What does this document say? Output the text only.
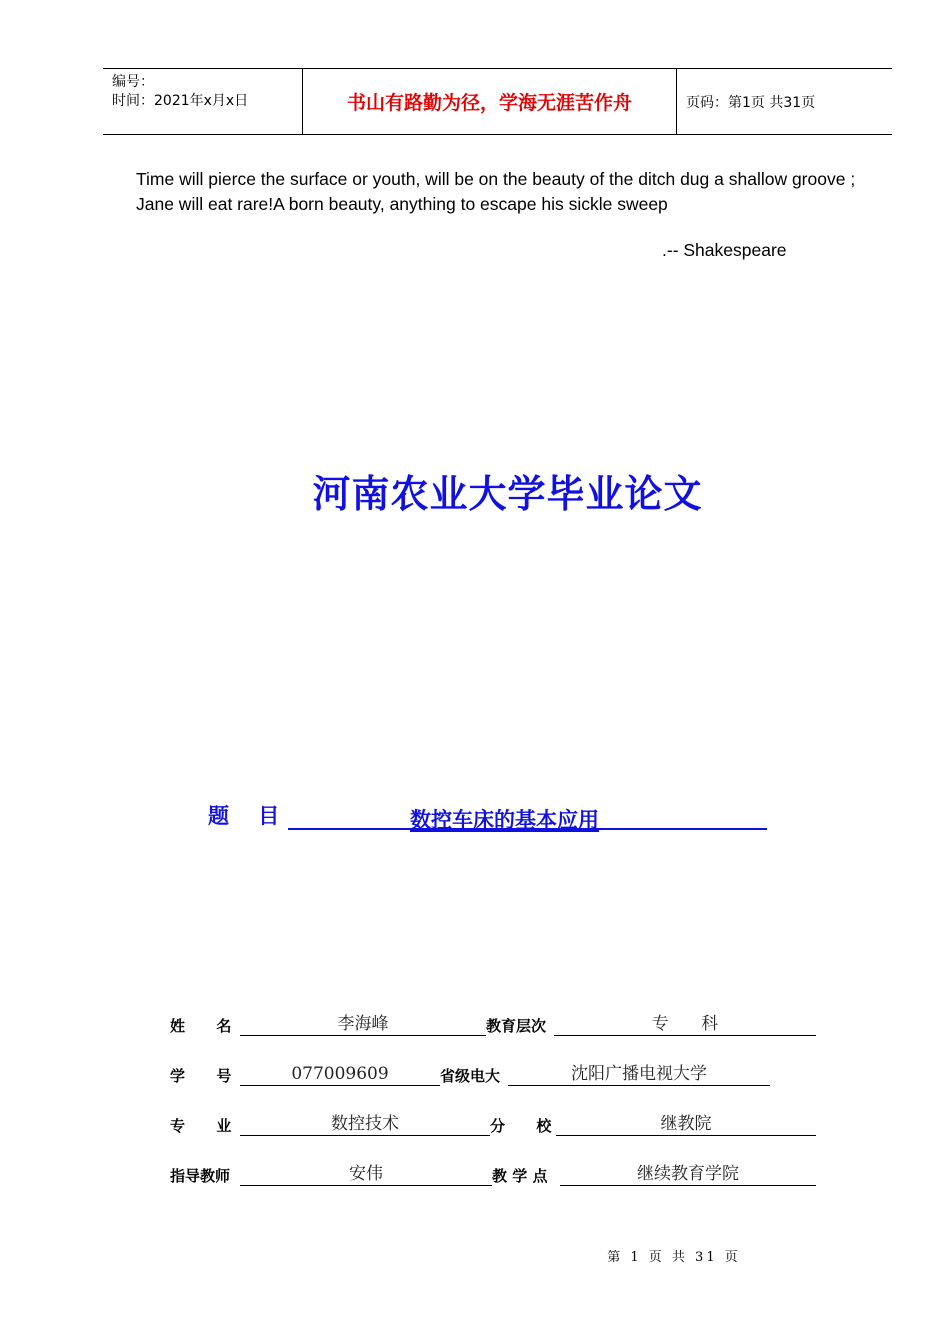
编号：
时间：2021年x月x日	书山有路勤为径，学海无涯苦作舟	页码：第1页 共31页
Time will pierce the surface or youth, will be on the beauty of the ditch dug a shallow groove ; Jane will eat rare!A born beauty, anything to escape his sickle sweep
.-- Shakespeare
河南农业大学毕业论文
题    目	数控车床的基本应用
姓      名	李海峰	教育层次	专      科
学      号	077009609	省级电大	沈阳广播电视大学
专      业	数控技术	分      校	继教院
指导教师	安伟	教 学 点	继续教育学院
第 1 页 共 31 页
